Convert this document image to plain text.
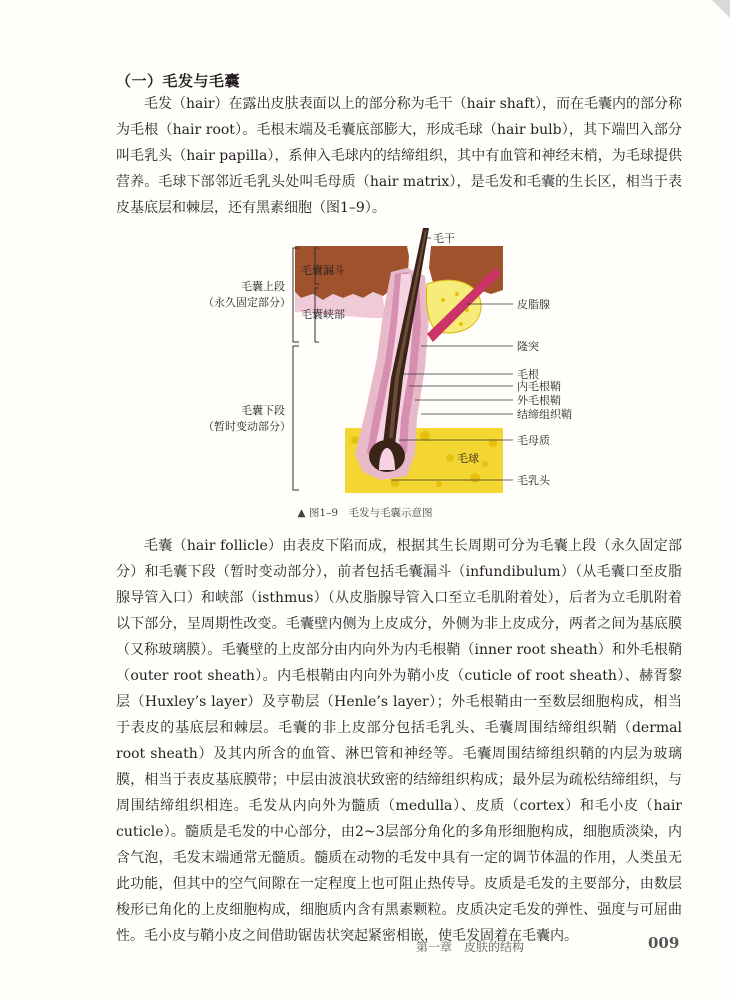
（一）毛发与毛囊

毛发（hair）在露出皮肤表面以上的部分称为毛干（hair shaft），而在毛囊内的部分称为毛根（hair root）。毛根末端及毛囊底部膨大，形成毛球（hair bulb），其下端凹入部分叫毛乳头（hair papilla），系伸入毛球内的结缔组织，其中有血管和神经末梢，为毛球提供营养。毛球下部邻近毛乳头处叫毛母质（hair matrix），是毛发和毛囊的生长区，相当于表皮基底层和棘层，还有黑素细胞（图1–9）。

毛囊上段
（永久固定部分）
毛囊漏斗
毛囊峡部
毛囊下段
（暂时变动部分）
毛干
皮脂腺
隆突
毛根
内毛根鞘
外毛根鞘
结缔组织鞘
毛母质
毛乳头
毛球
▲ 图1–9　毛发与毛囊示意图

毛囊（hair follicle）由表皮下陷而成，根据其生长周期可分为毛囊上段（永久固定部分）和毛囊下段（暂时变动部分），前者包括毛囊漏斗（infundibulum）（从毛囊口至皮脂腺导管入口）和峡部（isthmus）（从皮脂腺导管入口至立毛肌附着处），后者为立毛肌附着以下部分，呈周期性改变。毛囊壁内侧为上皮成分，外侧为非上皮成分，两者之间为基底膜（又称玻璃膜）。毛囊壁的上皮部分由内向外为内毛根鞘（inner root sheath）和外毛根鞘（outer root sheath）。内毛根鞘由内向外为鞘小皮（cuticle of root sheath）、赫胥黎层（Huxley’s layer）及亨勒层（Henle’s layer）；外毛根鞘由一至数层细胞构成，相当于表皮的基底层和棘层。毛囊的非上皮部分包括毛乳头、毛囊周围结缔组织鞘（dermal root sheath）及其内所含的血管、淋巴管和神经等。毛囊周围结缔组织鞘的内层为玻璃膜，相当于表皮基底膜带；中层由波浪状致密的结缔组织构成；最外层为疏松结缔组织，与周围结缔组织相连。毛发从内向外为髓质（medulla）、皮质（cortex）和毛小皮（hair cuticle）。髓质是毛发的中心部分，由2~3层部分角化的多角形细胞构成，细胞质淡染，内含气泡，毛发末端通常无髓质。髓质在动物的毛发中具有一定的调节体温的作用，人类虽无此功能，但其中的空气间隙在一定程度上也可阻止热传导。皮质是毛发的主要部分，由数层梭形已角化的上皮细胞构成，细胞质内含有黑素颗粒。皮质决定毛发的弹性、强度与可屈曲性。毛小皮与鞘小皮之间借助锯齿状突起紧密相嵌，使毛发固着在毛囊内。

第一章　皮肤的结构	009
